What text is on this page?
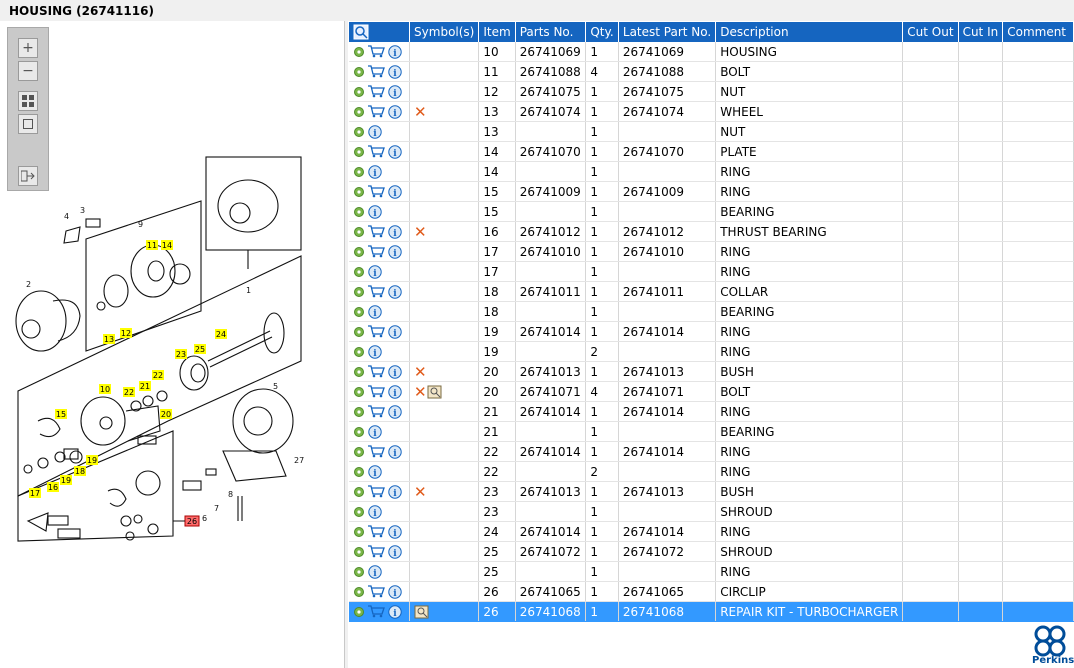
HOUSING (26741116)
+
−
4
3
9
2
1
5
27
6
7
8
11 14
13
12	24
23
25
10 22
21
22
15	20
19
18
19
16
17
26
	Symbol(s)	Item	Parts No.	Qty.	Latest Part No.	Description	Cut Out	Cut In	Comment

i		10	26741069	1	26741069	HOUSING			

i		11	26741088	4	26741088	BOLT			

i		12	26741075	1	26741075	NUT			

i	✕	13	26741074	1	26741074	WHEEL			

i		13		1		NUT			

i		14	26741070	1	26741070	PLATE			

i		14		1		RING			

i		15	26741009	1	26741009	RING			

i		15		1		BEARING			

i	✕	16	26741012	1	26741012	THRUST BEARING			

i		17	26741010	1	26741010	RING			

i		17		1		RING			

i		18	26741011	1	26741011	COLLAR			

i		18		1		BEARING			

i		19	26741014	1	26741014	RING			

i		19		2		RING			

i	✕	20	26741013	1	26741013	BUSH			

i	✕	20	26741071	4	26741071	BOLT			

i		21	26741014	1	26741014	RING			

i		21		1		BEARING			

i		22	26741014	1	26741014	RING			

i		22		2		RING			

i	✕	23	26741013	1	26741013	BUSH			

i		23		1		SHROUD			

i		24	26741014	1	26741014	RING			

i		25	26741072	1	26741072	SHROUD			

i		25		1		RING			

i		26	26741065	1	26741065	CIRCLIP			

i		26	26741068	1	26741068	REPAIR KIT - TURBOCHARGER			
Perkins
